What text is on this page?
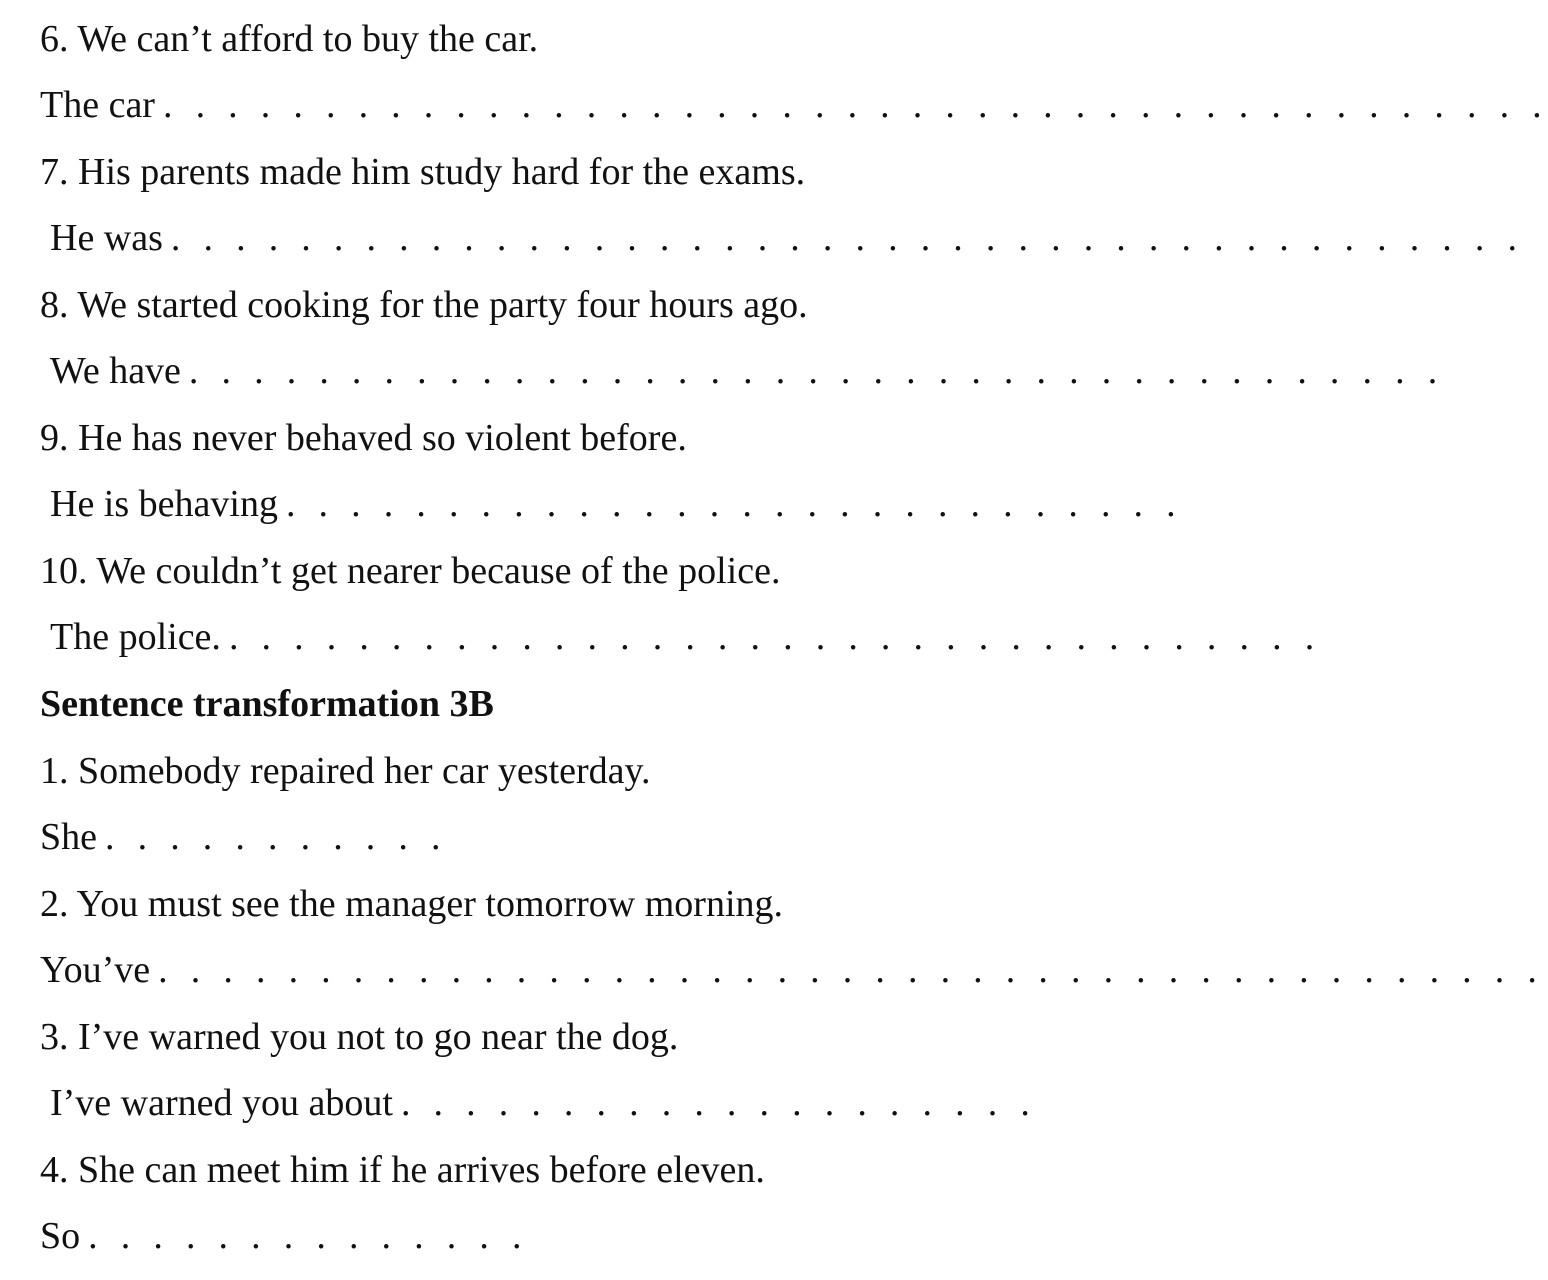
6. We can’t afford to buy the car.
The car . . . . . . . . . . . . . . . . . . . . . . . . . . . . . . . . . . . . . . . . . . .
7. His parents made him study hard for the exams.
He was . . . . . . . . . . . . . . . . . . . . . . . . . . . . . . . . . . . . . . . . . .
8. We started cooking for the party four hours ago.
We have . . . . . . . . . . . . . . . . . . . . . . . . . . . . . . . . . . . . . . .
9. He has never behaved so violent before.
He is behaving . . . . . . . . . . . . . . . . . . . . . . . . . . . .
10. We couldn’t get nearer because of the police.
The police. . . . . . . . . . . . . . . . . . . . . . . . . . . . . . . . . . .
Sentence transformation 3B
1. Somebody repaired her car yesterday.
She . . . . . . . . . . .
2. You must see the manager tomorrow morning.
You’ve . . . . . . . . . . . . . . . . . . . . . . . . . . . . . . . . . . . . . . . . . . .
3. I’ve warned you not to go near the dog.
I’ve warned you about . . . . . . . . . . . . . . . . . . . .
4. She can meet him if he arrives before eleven.
So . . . . . . . . . . . . . .
